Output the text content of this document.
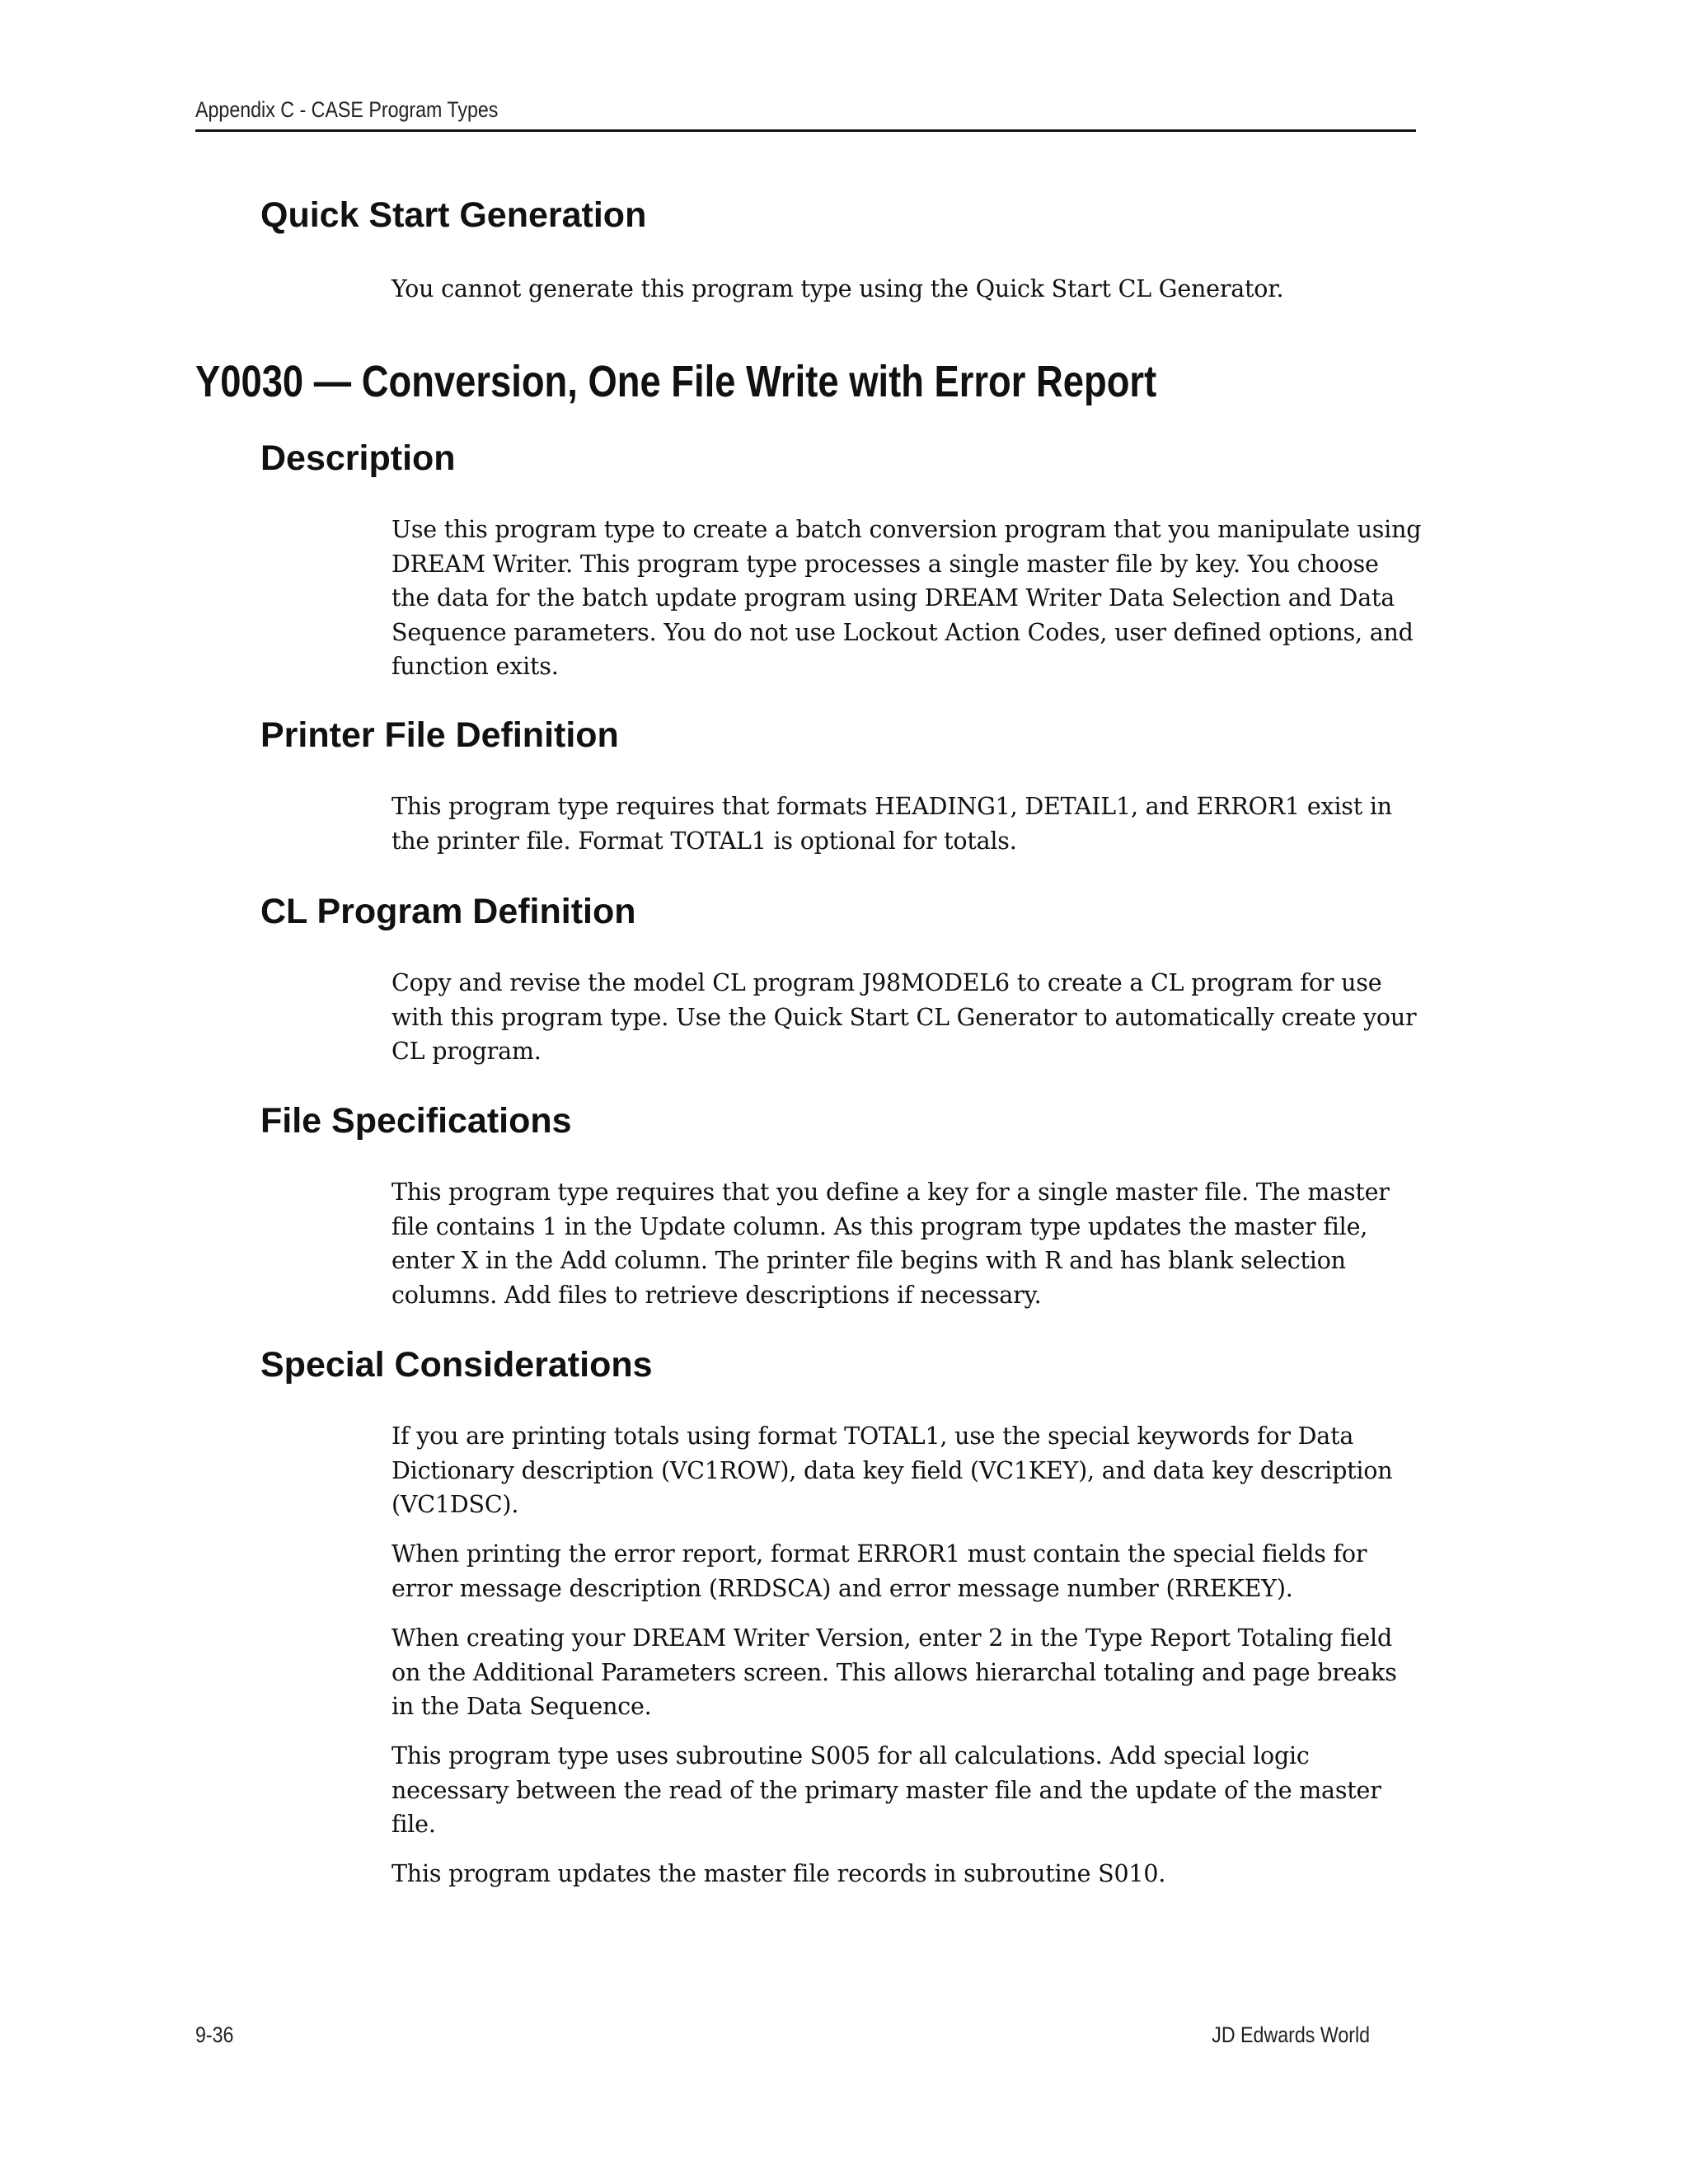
Appendix C - CASE Program Types
Quick Start Generation

You cannot generate this program type using the Quick Start CL Generator.

Y0030 — Conversion, One File Write with Error Report
Description

Use this program type to create a batch conversion program that you manipulate using DREAM Writer. This program type processes a single master file by key. You choose the data for the batch update program using DREAM Writer Data Selection and Data Sequence parameters. You do not use Lockout Action Codes, user defined options, and function exits.

Printer File Definition

This program type requires that formats HEADING1, DETAIL1, and ERROR1 exist in the printer file. Format TOTAL1 is optional for totals.

CL Program Definition

Copy and revise the model CL program J98MODEL6 to create a CL program for use with this program type. Use the Quick Start CL Generator to automatically create your CL program.

File Specifications

This program type requires that you define a key for a single master file. The master file contains 1 in the Update column. As this program type updates the master file, enter X in the Add column. The printer file begins with R and has blank selection columns. Add files to retrieve descriptions if necessary.

Special Considerations

If you are printing totals using format TOTAL1, use the special keywords for Data Dictionary description (VC1ROW), data key field (VC1KEY), and data key description (VC1DSC).

When printing the error report, format ERROR1 must contain the special fields for error message description (RRDSCA) and error message number (RREKEY).

When creating your DREAM Writer Version, enter 2 in the Type Report Totaling field on the Additional Parameters screen. This allows hierarchal totaling and page breaks in the Data Sequence.

This program type uses subroutine S005 for all calculations. Add special logic necessary between the read of the primary master file and the update of the master file.

This program updates the master file records in subroutine S010.

9-36	JD Edwards World
